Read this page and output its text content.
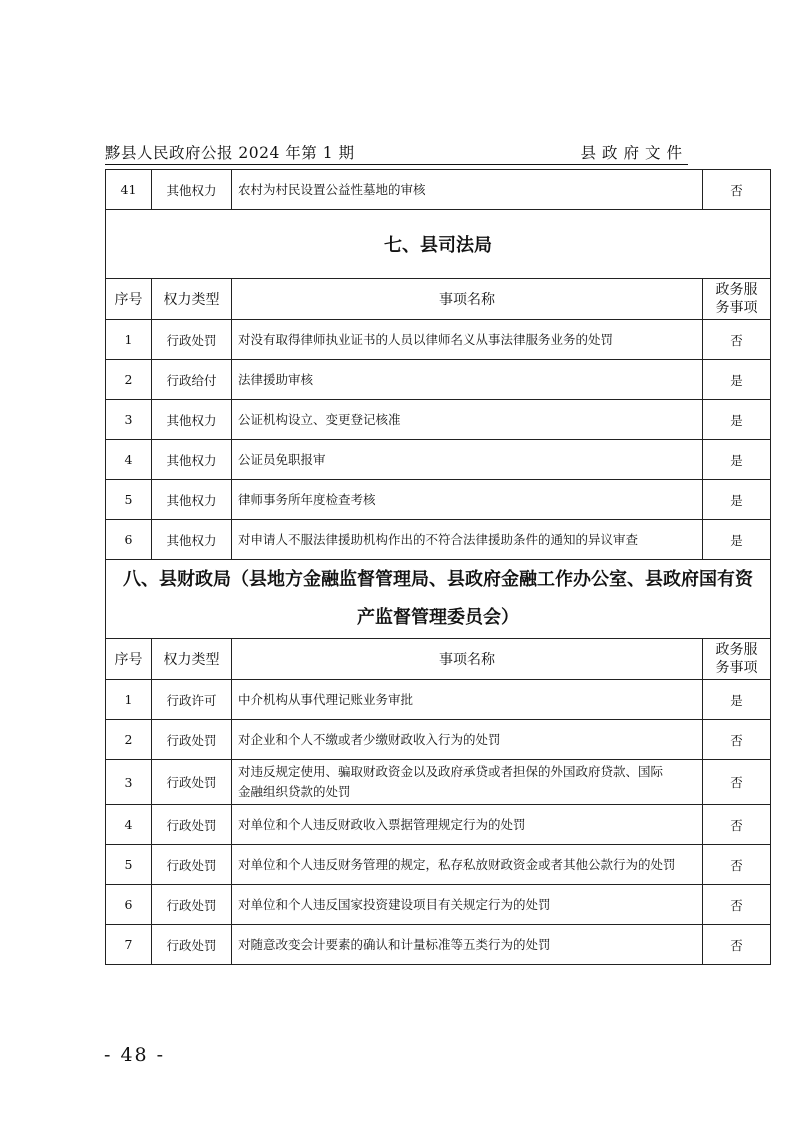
黟县人民政府公报 2024 年第 1 期	县政府文件
41	其他权力	农村为村民设置公益性墓地的审核	否
七、县司法局			
序号	权力类型	事项名称	政务服
务事项
1	行政处罚	对没有取得律师执业证书的人员以律师名义从事法律服务业务的处罚	否
2	行政给付	法律援助审核	是
3	其他权力	公证机构设立、变更登记核准	是
4	其他权力	公证员免职报审	是
5	其他权力	律师事务所年度检查考核	是
6	其他权力	对申请人不服法律援助机构作出的不符合法律援助条件的通知的异议审查	是
八、县财政局（县地方金融监督管理局、县政府金融工作办公室、县政府国有资
产监督管理委员会）			
序号	权力类型	事项名称	政务服
务事项
1	行政许可	中介机构从事代理记账业务审批	是
2	行政处罚	对企业和个人不缴或者少缴财政收入行为的处罚	否
3	行政处罚	对违反规定使用、骗取财政资金以及政府承贷或者担保的外国政府贷款、国际
金融组织贷款的处罚	否
4	行政处罚	对单位和个人违反财政收入票据管理规定行为的处罚	否
5	行政处罚	对单位和个人违反财务管理的规定，私存私放财政资金或者其他公款行为的处罚	否
6	行政处罚	对单位和个人违反国家投资建设项目有关规定行为的处罚	否
7	行政处罚	对随意改变会计要素的确认和计量标准等五类行为的处罚	否
- 48 -
